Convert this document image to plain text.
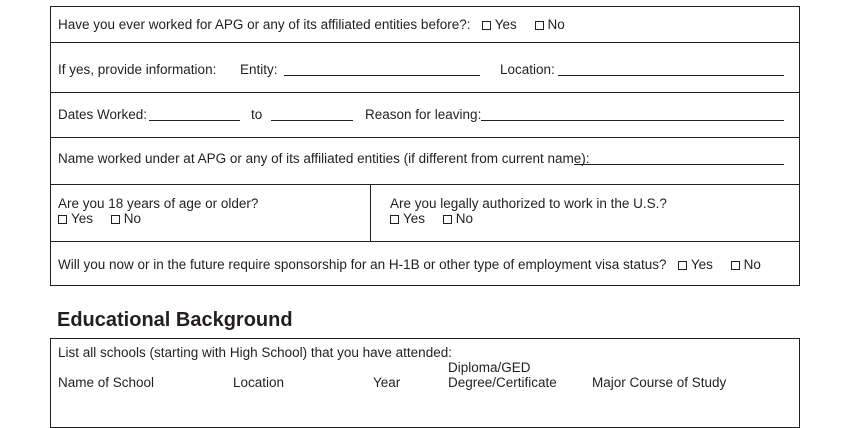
Have you ever worked for APG or any of its affiliated entities before?: Yes No
If yes, provide information: Entity:	Location:
Dates Worked:	to	Reason for leaving:
Name worked under at APG or any of its affiliated entities (if different from current name):
Are you 18 years of age or older?
Yes No
Are you legally authorized to work in the U.S.?
Yes No
Will you now or in the future require sponsorship for an H-1B or other type of employment visa status? Yes No
Educational Background
List all schools (starting with High School) that you have attended:
Name of School	Location	Year
Diploma/GED
Degree/Certificate	Major Course of Study
